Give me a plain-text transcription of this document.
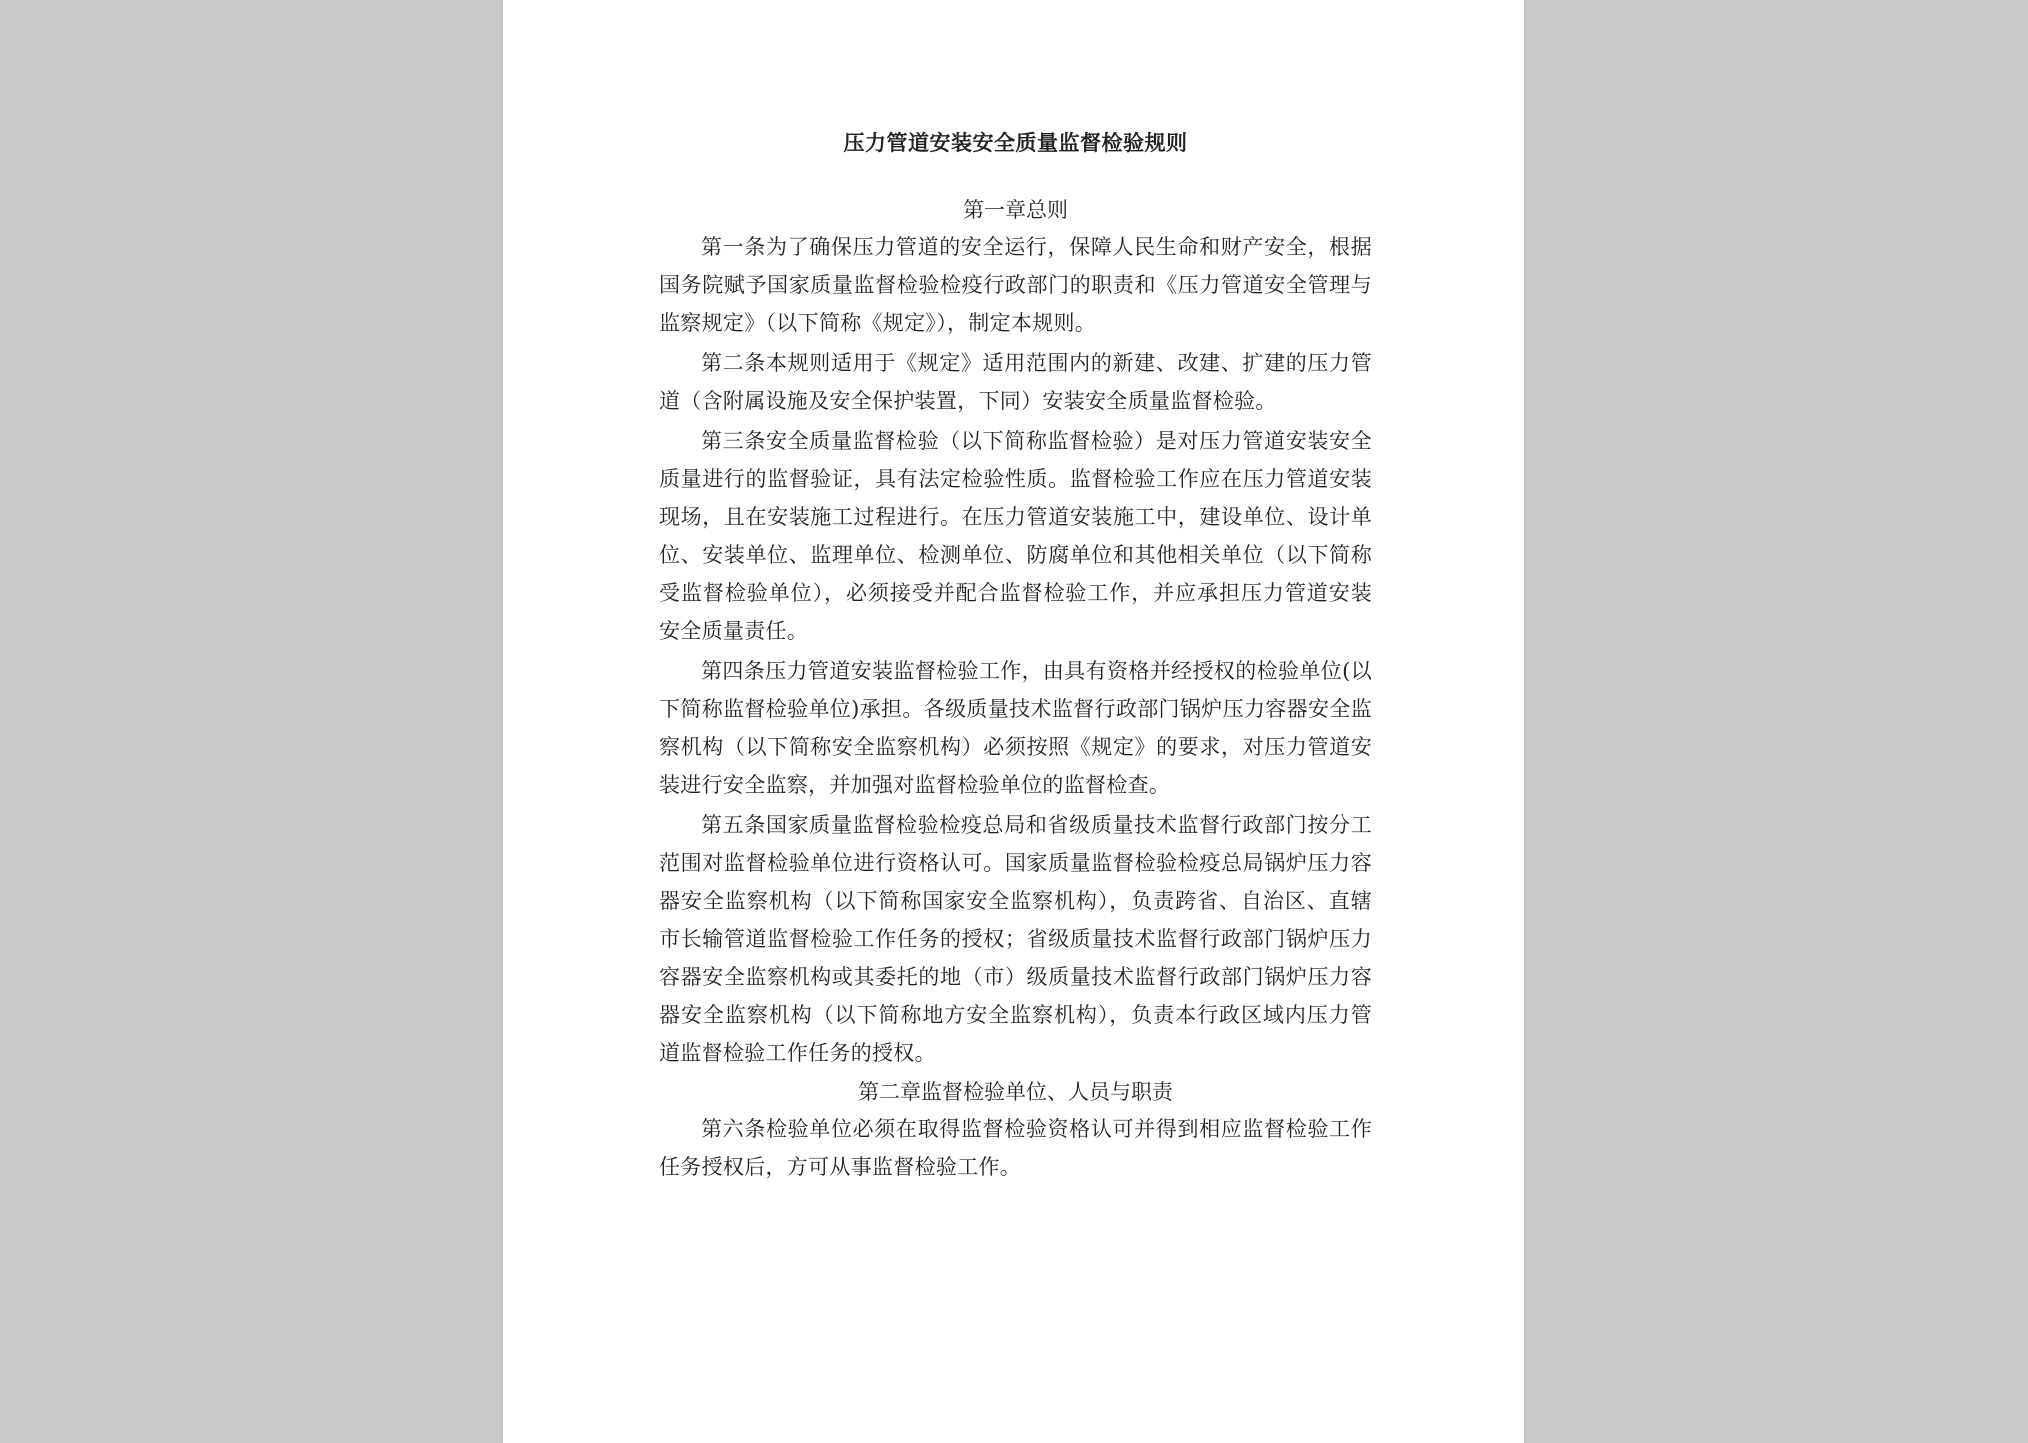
压力管道安装安全质量监督检验规则

第一章总则

第一条为了确保压力管道的安全运行，保障人民生命和财产安全，根据国务院赋予国家质量监督检验检疫行政部门的职责和《压力管道安全管理与监察规定》（以下简称《规定》），制定本规则。

第二条本规则适用于《规定》适用范围内的新建、改建、扩建的压力管道（含附属设施及安全保护装置，下同）安装安全质量监督检验。

第三条安全质量监督检验（以下简称监督检验）是对压力管道安装安全质量进行的监督验证，具有法定检验性质。监督检验工作应在压力管道安装现场，且在安装施工过程进行。在压力管道安装施工中，建设单位、设计单位、安装单位、监理单位、检测单位、防腐单位和其他相关单位（以下简称受监督检验单位），必须接受并配合监督检验工作，并应承担压力管道安装安全质量责任。

第四条压力管道安装监督检验工作，由具有资格并经授权的检验单位(以下简称监督检验单位)承担。各级质量技术监督行政部门锅炉压力容器安全监察机构（以下简称安全监察机构）必须按照《规定》的要求，对压力管道安装进行安全监察，并加强对监督检验单位的监督检查。

第五条国家质量监督检验检疫总局和省级质量技术监督行政部门按分工范围对监督检验单位进行资格认可。国家质量监督检验检疫总局锅炉压力容器安全监察机构（以下简称国家安全监察机构），负责跨省、自治区、直辖市长输管道监督检验工作任务的授权；省级质量技术监督行政部门锅炉压力容器安全监察机构或其委托的地（市）级质量技术监督行政部门锅炉压力容器安全监察机构（以下简称地方安全监察机构），负责本行政区域内压力管道监督检验工作任务的授权。

第二章监督检验单位、人员与职责

第六条检验单位必须在取得监督检验资格认可并得到相应监督检验工作任务授权后，方可从事监督检验工作。
